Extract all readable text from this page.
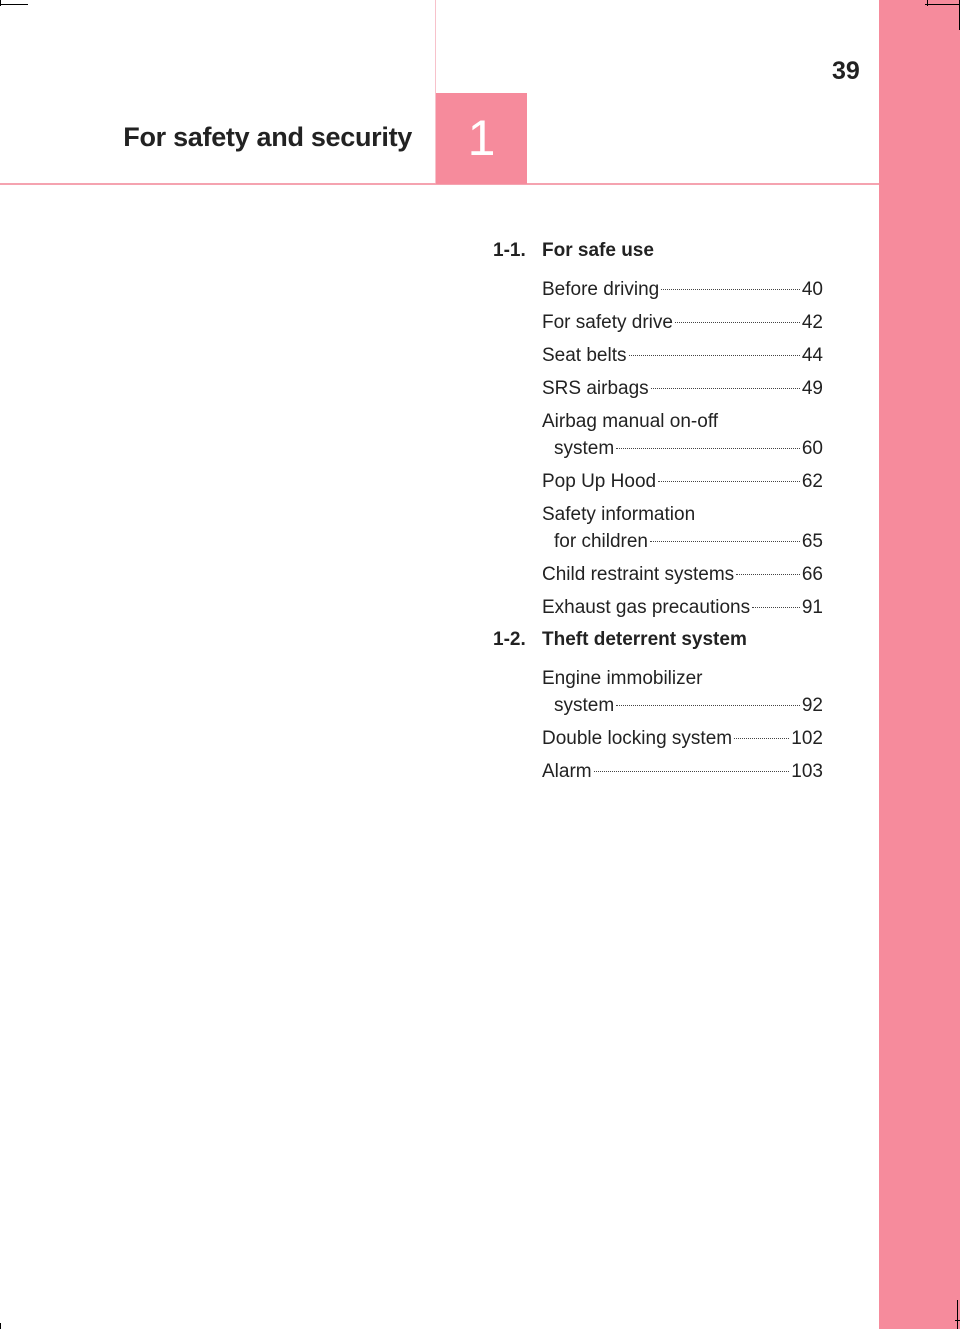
1
For safety and security
39
1-1. For safe use
Before driving	40
For safety drive	42
Seat belts	44
SRS airbags	49
Airbag manual on-off
system	60
Pop Up Hood	62
Safety information
for children	65
Child restraint systems	66
Exhaust gas precautions	91
1-2. Theft deterrent system
Engine immobilizer
system	92
Double locking system	102
Alarm	103
